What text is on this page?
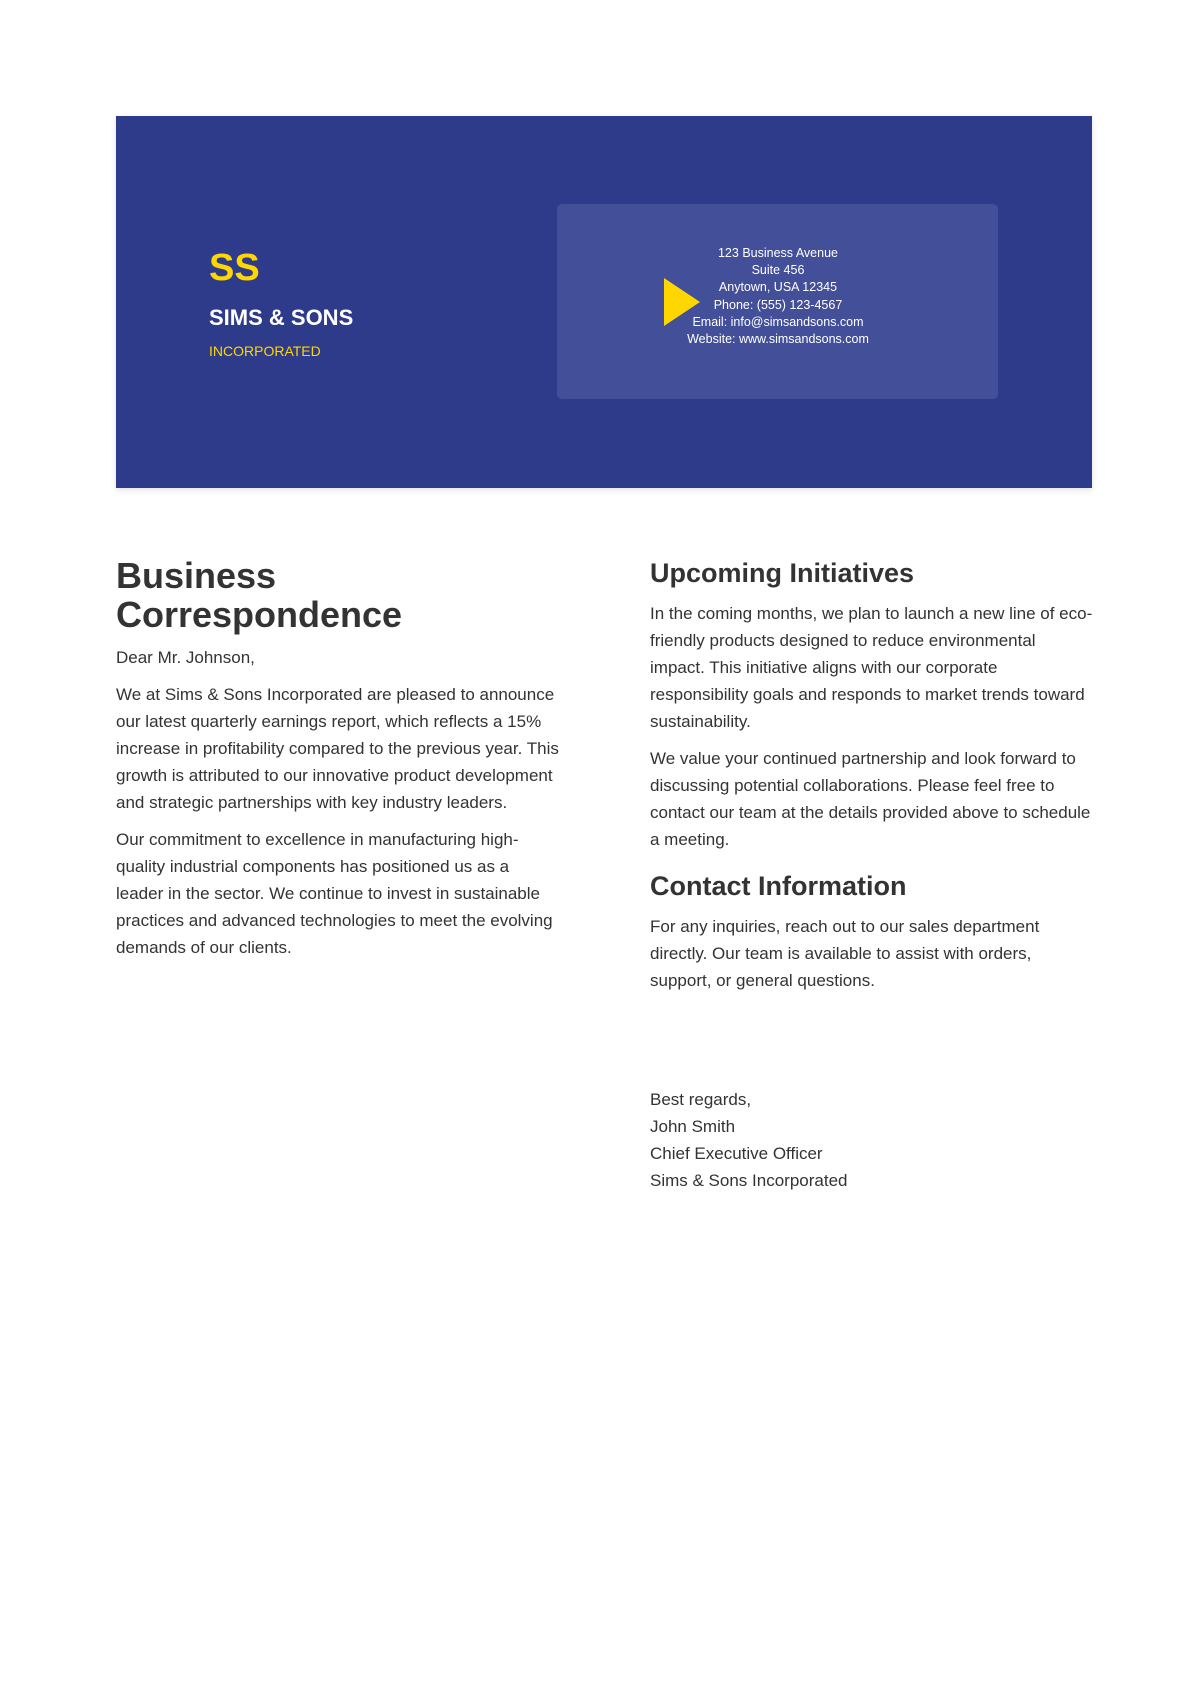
SS
SIMS & SONS
INCORPORATED
123 Business Avenue
Suite 456
Anytown, USA 12345
Phone: (555) 123-4567
Email: info@simsandsons.com
Website: www.simsandsons.com
Business Correspondence

Dear Mr. Johnson,

We at Sims & Sons Incorporated are pleased to announce our latest quarterly earnings report, which reflects a 15% increase in profitability compared to the previous year. This growth is attributed to our innovative product development and strategic partnerships with key industry leaders.

Our commitment to excellence in manufacturing high-quality industrial components has positioned us as a leader in the sector. We continue to invest in sustainable practices and advanced technologies to meet the evolving demands of our clients.

Upcoming Initiatives

In the coming months, we plan to launch a new line of eco-friendly products designed to reduce environmental impact. This initiative aligns with our corporate responsibility goals and responds to market trends toward sustainability.

We value your continued partnership and look forward to discussing potential collaborations. Please feel free to contact our team at the details provided above to schedule a meeting.

Contact Information

For any inquiries, reach out to our sales department directly. Our team is available to assist with orders, support, or general questions.

Best regards,
John Smith
Chief Executive Officer
Sims & Sons Incorporated
